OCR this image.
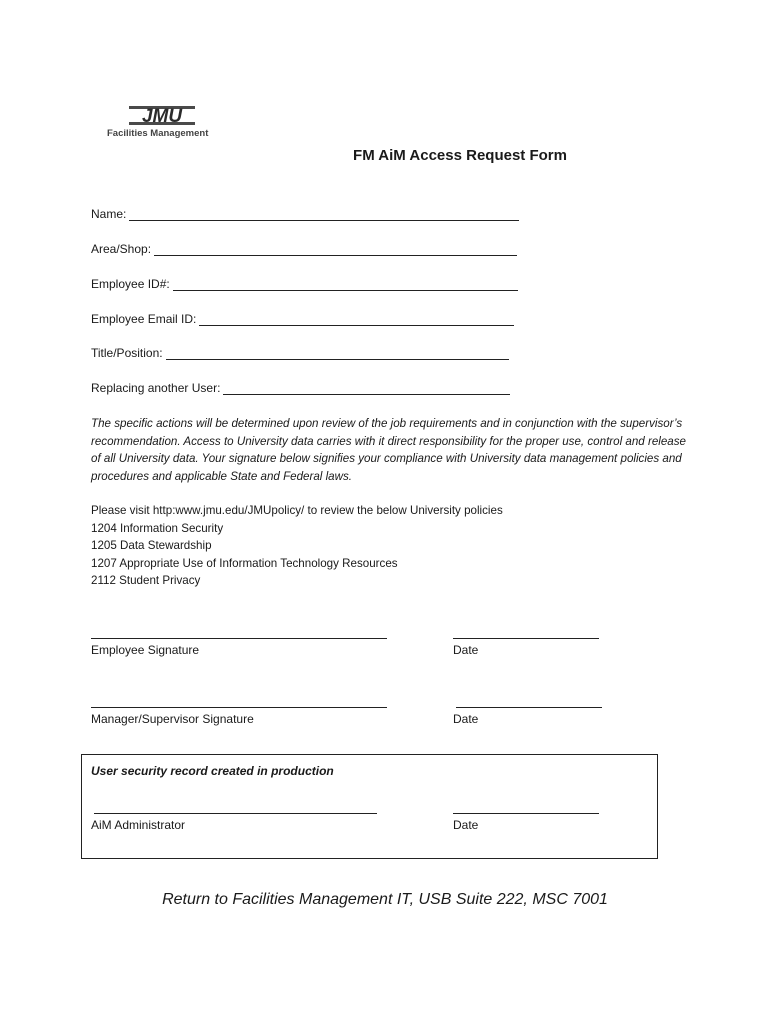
JMU
Facilities Management
FM AiM Access Request Form
Name:
Area/Shop:
Employee ID#:
Employee Email ID:
Title/Position:
Replacing another User:
The specific actions will be determined upon review of the job requirements and in conjunction with the supervisor’s recommendation. Access to University data carries with it direct responsibility for the proper use, control and release of all University data. Your signature below signifies your compliance with University data management policies and procedures and applicable State and Federal laws.
Please visit http:www.jmu.edu/JMUpolicy/ to review the below University policies
1204 Information Security
1205 Data Stewardship
1207 Appropriate Use of Information Technology Resources
2112 Student Privacy
Employee Signature	Date
Manager/Supervisor Signature	Date
User security record created in production
AiM Administrator	Date
Return to Facilities Management IT, USB Suite 222, MSC 7001
